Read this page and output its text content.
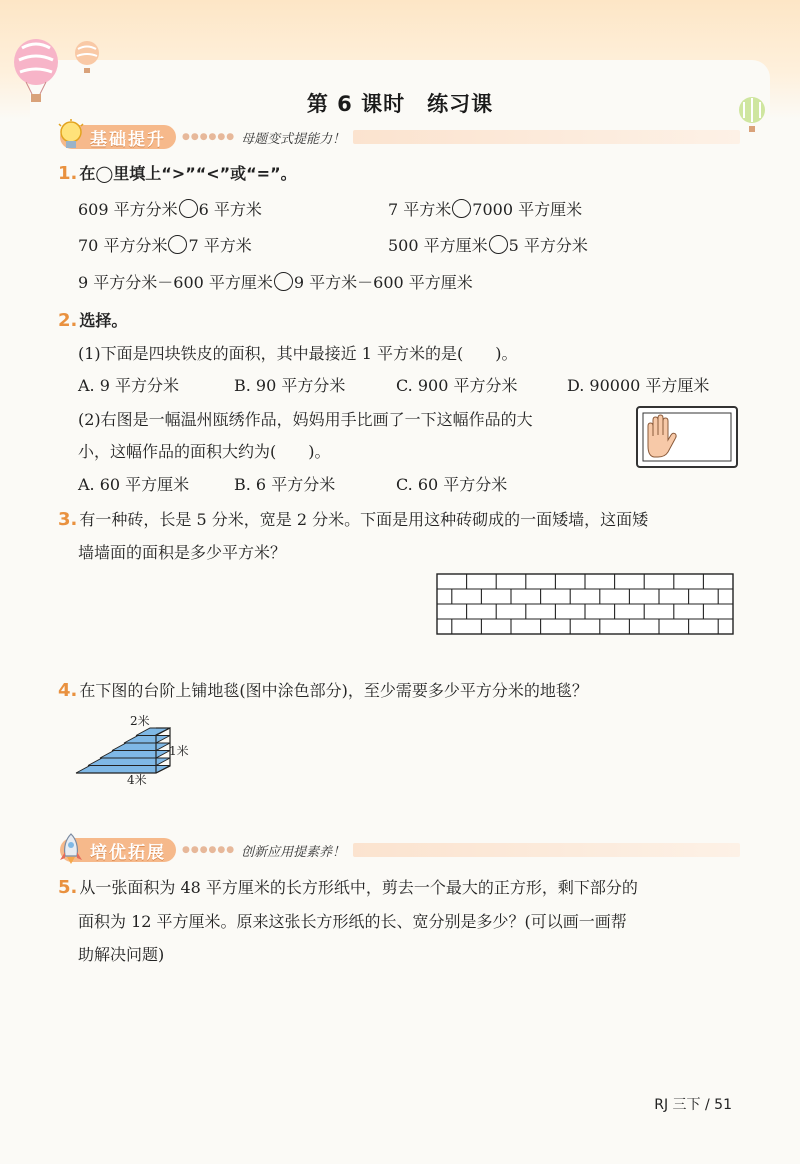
第 6 课时　练习课
基础提升 ●●●●●● 母题变式提能力！
1. 在◯里填上“>”“<”或“=”。
609 平方分米 6 平方米	7 平方米 7000 平方厘米
70 平方分米 7 平方米	500 平方厘米 5 平方分米
9 平方分米－600 平方厘米 9 平方米－600 平方厘米
2. 选择。
(1)下面是四块铁皮的面积，其中最接近 1 平方米的是(　　)。
A. 9 平方分米	B. 90 平方分米	C. 900 平方分米	D. 90000 平方厘米
(2)右图是一幅温州瓯绣作品，妈妈用手比画了一下这幅作品的大
小，这幅作品的面积大约为(　　)。
A. 60 平方厘米	B. 6 平方分米	C. 60 平方分米
3. 有一种砖，长是 5 分米，宽是 2 分米。下面是用这种砖砌成的一面矮墙，这面矮
墙墙面的面积是多少平方米？
4. 在下图的台阶上铺地毯(图中涂色部分)，至少需要多少平方分米的地毯？
2米
1米
4米
培优拓展 ●●●●●● 创新应用提素养！
5. 从一张面积为 48 平方厘米的长方形纸中，剪去一个最大的正方形，剩下部分的
面积为 12 平方厘米。原来这张长方形纸的长、宽分别是多少？(可以画一画帮
助解决问题)
RJ 三下 / 51
